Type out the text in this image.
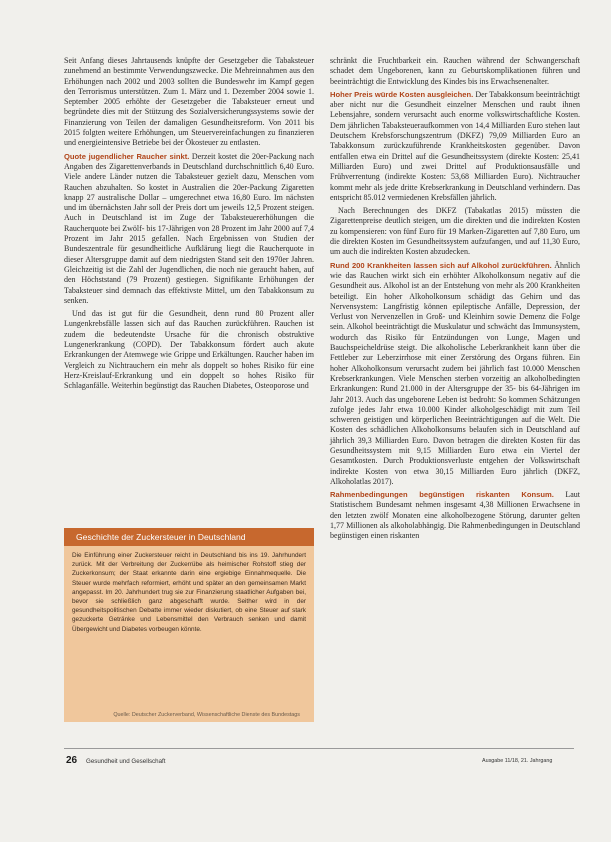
Seit Anfang dieses Jahrtausends knüpfte der Gesetzgeber die Tabaksteuer zunehmend an bestimmte Verwendungszwecke. Die Mehreinnahmen aus den Erhöhungen nach 2002 und 2003 sollten die Bundeswehr im Kampf gegen den Terrorismus unterstützen. Zum 1. März und 1. Dezember 2004 sowie 1. September 2005 erhöhte der Gesetzgeber die Tabaksteuer erneut und begründete dies mit der Stützung des Sozialversicherungssystems sowie der Finanzierung von Teilen der damaligen Gesundheitsreform. Von 2011 bis 2015 folgten weitere Erhöhungen, um Steuervereinfachungen zu finanzieren und energieintensive Betriebe bei der Ökosteuer zu entlasten.

Quote jugendlicher Raucher sinkt. Derzeit kostet die 20er-Packung nach Angaben des Zigarettenverbands in Deutschland durchschnittlich 6,40 Euro. Viele andere Länder nutzen die Tabaksteuer gezielt dazu, Menschen vom Rauchen abzuhalten. So kostet in Australien die 20er-Packung Zigaretten knapp 27 australische Dollar – umgerechnet etwa 16,80 Euro. Im nächsten und im übernächsten Jahr soll der Preis dort um jeweils 12,5 Prozent steigen. Auch in Deutschland ist im Zuge der Tabaksteuererhöhungen die Raucherquote bei Zwölf- bis 17-Jährigen von 28 Prozent im Jahr 2000 auf 7,4 Prozent im Jahr 2015 gefallen. Nach Ergebnissen von Studien der Bundeszentrale für gesundheitliche Aufklärung liegt die Raucherquote in dieser Altersgruppe damit auf dem niedrigsten Stand seit den 1970er Jahren. Gleichzeitig ist die Zahl der Jugendlichen, die noch nie geraucht haben, auf den Höchststand (79 Prozent) gestiegen. Signifikante Erhöhungen der Tabaksteuer sind demnach das effektivste Mittel, um den Tabakkonsum zu senken.

Und das ist gut für die Gesundheit, denn rund 80 Prozent aller Lungenkrebsfälle lassen sich auf das Rauchen zurückführen. Rauchen ist zudem die bedeutendste Ursache für die chronisch obstruktive Lungenerkrankung (COPD). Der Tabakkonsum fördert auch akute Erkrankungen der Atemwege wie Grippe und Erkältungen. Raucher haben im Vergleich zu Nichtrauchern ein mehr als doppelt so hohes Risiko für eine Herz-Kreislauf-Erkrankung und ein doppelt so hohes Risiko für Schlaganfälle. Weiterhin begünstigt das Rauchen Diabetes, Osteoporose und

Geschichte der Zuckersteuer in Deutschland
Die Einführung einer Zuckersteuer reicht in Deutschland bis ins 19. Jahrhundert zurück. Mit der Verbreitung der Zuckerrübe als heimischer Rohstoff stieg der Zuckerkonsum; der Staat erkannte darin eine ergiebige Einnahmequelle. Die Steuer wurde mehrfach reformiert, erhöht und später an den gemeinsamen Markt angepasst. Im 20. Jahrhundert trug sie zur Finanzierung staatlicher Aufgaben bei, bevor sie schließlich ganz abgeschafft wurde. Seither wird in der gesundheitspolitischen Debatte immer wieder diskutiert, ob eine Steuer auf stark gezuckerte Getränke und Lebensmittel den Verbrauch senken und damit Übergewicht und Diabetes vorbeugen könnte.
Quelle: Deutscher Zuckerverband, Wissenschaftliche Dienste des Bundestags

schränkt die Fruchtbarkeit ein. Rauchen während der Schwangerschaft schadet dem Ungeborenen, kann zu Geburtskomplikationen führen und beeinträchtigt die Entwicklung des Kindes bis ins Erwachsenenalter.

Hoher Preis würde Kosten ausgleichen. Der Tabakkonsum beeinträchtigt aber nicht nur die Gesundheit einzelner Menschen und raubt ihnen Lebensjahre, sondern verursacht auch enorme volkswirtschaftliche Kosten. Dem jährlichen Tabaksteueraufkommen von 14,4 Milliarden Euro stehen laut Deutschem Krebsforschungszentrum (DKFZ) 79,09 Milliarden Euro an Tabakkonsum zurückzuführende Krankheitskosten gegenüber. Davon entfallen etwa ein Drittel auf die Gesundheitssystem (direkte Kosten: 25,41 Milliarden Euro) und zwei Drittel auf Produktionsausfälle und Frühverrentung (indirekte Kosten: 53,68 Milliarden Euro). Nichtraucher kommt mehr als jede dritte Krebserkrankung in Deutschland verhindern. Das entspricht 85.012 vermiedenen Krebsfällen jährlich.

Nach Berechnungen des DKFZ (Tabakatlas 2015) müssten die Zigarettenpreise deutlich steigen, um die direkten und die indirekten Kosten zu kompensieren: von fünf Euro für 19 Marken-Zigaretten auf 7,80 Euro, um die direkten Kosten im Gesundheitssystem aufzufangen, und auf 11,30 Euro, um auch die indirekten Kosten abzudecken.

Rund 200 Krankheiten lassen sich auf Alkohol zurückführen. Ähnlich wie das Rauchen wirkt sich ein erhöhter Alkoholkonsum negativ auf die Gesundheit aus. Alkohol ist an der Entstehung von mehr als 200 Krankheiten beteiligt. Ein hoher Alkoholkonsum schädigt das Gehirn und das Nervensystem: Langfristig können epileptische Anfälle, Depression, der Verlust von Nervenzellen in Groß- und Kleinhirn sowie Demenz die Folge sein. Alkohol beeinträchtigt die Muskulatur und schwächt das Immunsystem, wodurch das Risiko für Entzündungen von Lunge, Magen und Bauchspeicheldrüse steigt. Die alkoholische Leberkrankheit kann über die Fettleber zur Leberzirrhose mit einer Zerstörung des Organs führen. Ein hoher Alkoholkonsum verursacht zudem bei jährlich fast 10.000 Menschen Krebserkrankungen. Viele Menschen sterben vorzeitig an alkoholbedingten Erkrankungen: Rund 21.000 in der Altersgruppe der 35- bis 64-Jährigen im Jahr 2013. Auch das ungeborene Leben ist bedroht: So kommen Schätzungen zufolge jedes Jahr etwa 10.000 Kinder alkoholgeschädigt mit zum Teil schweren geistigen und körperlichen Beeinträchtigungen auf die Welt. Die Kosten des schädlichen Alkoholkonsums belaufen sich in Deutschland auf jährlich 39,3 Milliarden Euro. Davon betragen die direkten Kosten für das Gesundheitssystem mit 9,15 Milliarden Euro etwa ein Viertel der Gesamtkosten. Durch Produktionsverluste entgehen der Volkswirtschaft indirekte Kosten von etwa 30,15 Milliarden Euro jährlich (DKFZ, Alkoholatlas 2017).

Rahmenbedingungen begünstigen riskanten Konsum. Laut Statistischem Bundesamt nehmen insgesamt 4,38 Millionen Erwachsene in den letzten zwölf Monaten eine alkoholbezogene Störung, darunter gelten 1,77 Millionen als alkoholabhängig. Die Rahmenbedingungen in Deutschland begünstigen einen riskanten

26 Gesundheit und Gesellschaft	Ausgabe 11/18, 21. Jahrgang
